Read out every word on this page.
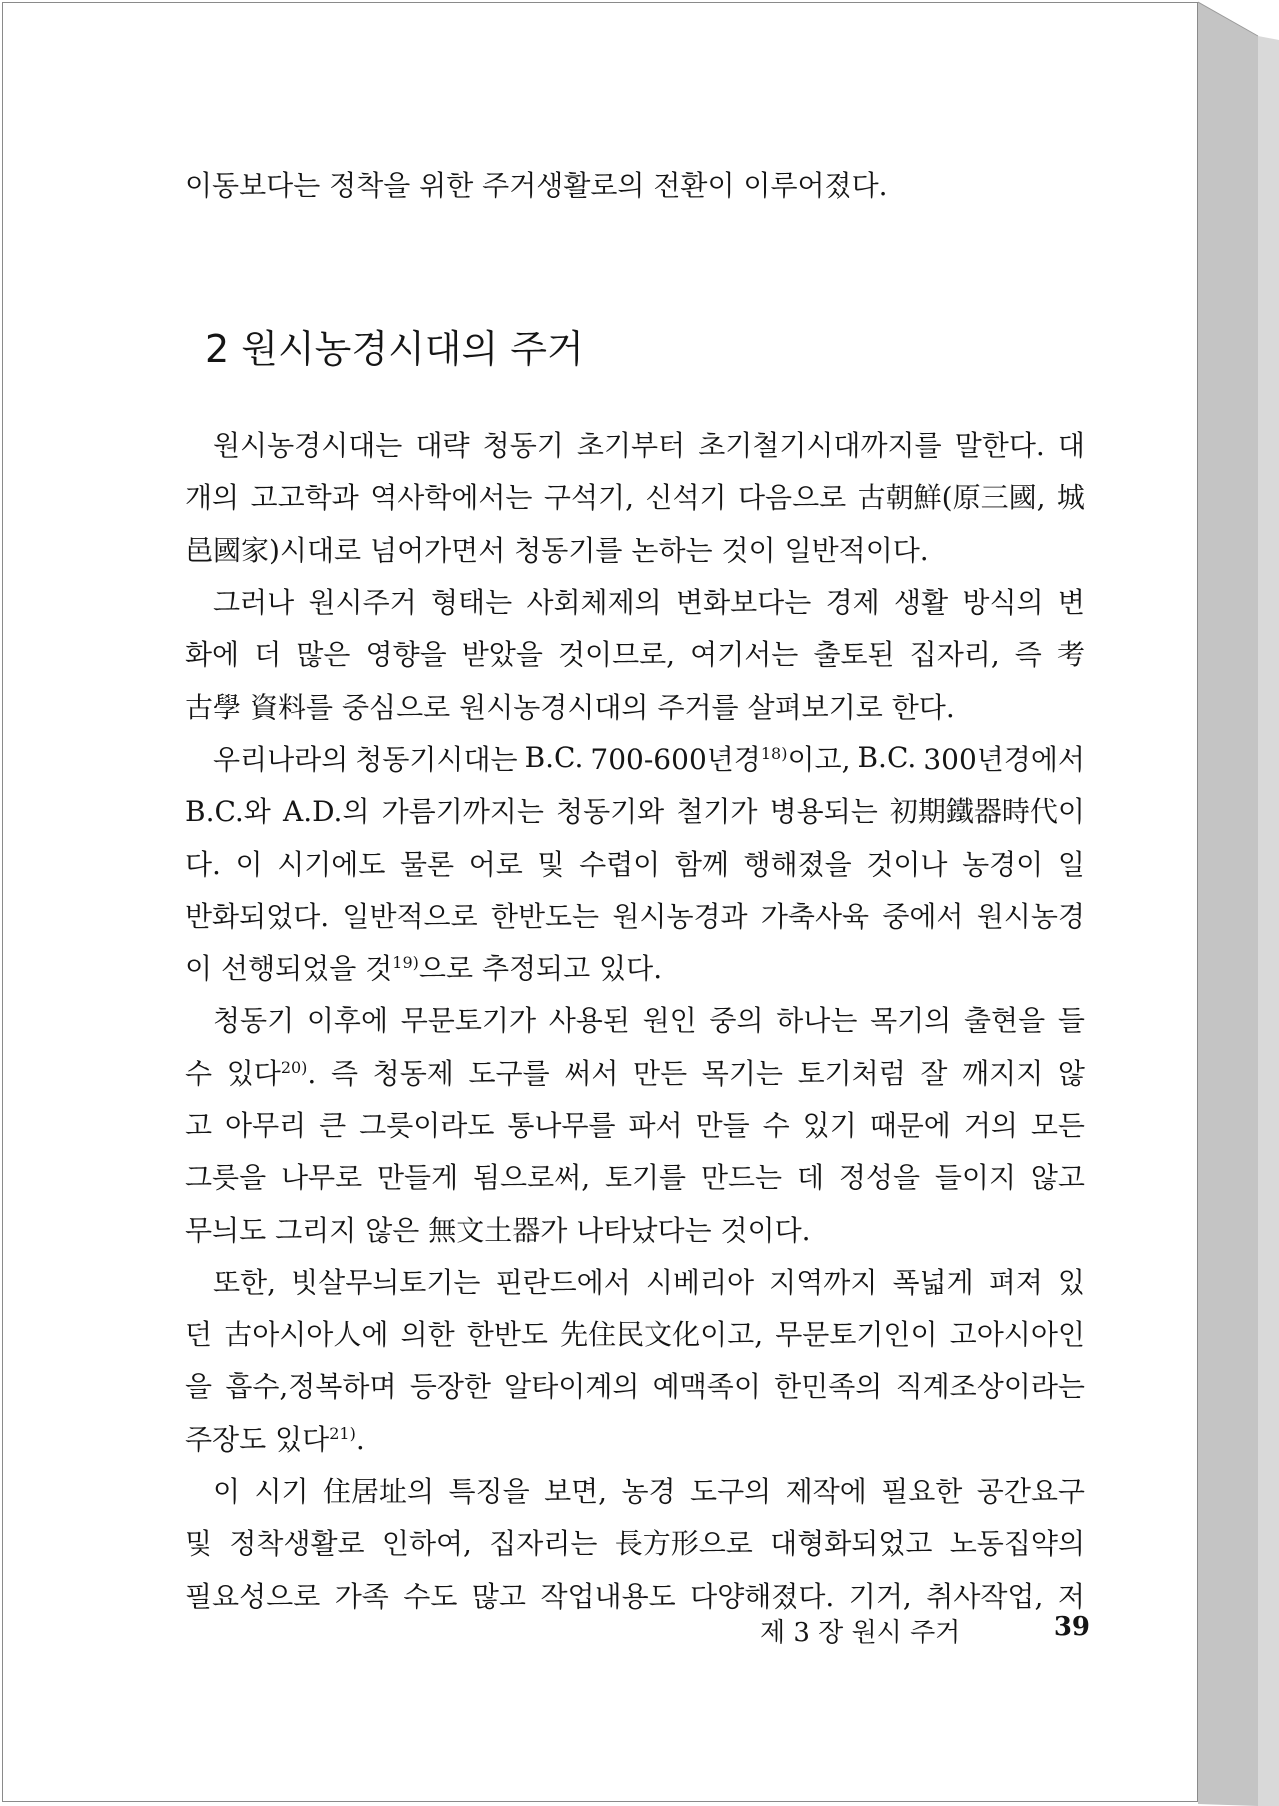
이동보다는 정착을 위한 주거생활로의 전환이 이루어졌다.
2 원시농경시대의 주거
원시농경시대는 대략 청동기 초기부터 초기철기시대까지를 말한다. 대
개의 고고학과 역사학에서는 구석기, 신석기 다음으로 古朝鮮(原三國, 城
邑國家)시대로 넘어가면서 청동기를 논하는 것이 일반적이다.
그러나 원시주거 형태는 사회체제의 변화보다는 경제 생활 방식의 변
화에 더 많은 영향을 받았을 것이므로, 여기서는 출토된 집자리, 즉 考
古學 資料를 중심으로 원시농경시대의 주거를 살펴보기로 한다.
우리나라의 청동기시대는 B.C. 700-600년경$^{18)}$이고, B.C. 300년경에서
B.C.와 A.D.의 가름기까지는 청동기와 철기가 병용되는 初期鐵器時代이
다. 이 시기에도 물론 어로 및 수렵이 함께 행해졌을 것이나 농경이 일
반화되었다. 일반적으로 한반도는 원시농경과 가축사육 중에서 원시농경
이 선행되었을 것$^{19)}$으로 추정되고 있다.
청동기 이후에 무문토기가 사용된 원인 중의 하나는 목기의 출현을 들
수 있다$^{20)}$. 즉 청동제 도구를 써서 만든 목기는 토기처럼 잘 깨지지 않
고 아무리 큰 그릇이라도 통나무를 파서 만들 수 있기 때문에 거의 모든
그릇을 나무로 만들게 됨으로써, 토기를 만드는 데 정성을 들이지 않고
무늬도 그리지 않은 無文土器가 나타났다는 것이다.
또한, 빗살무늬토기는 핀란드에서 시베리아 지역까지 폭넓게 펴져 있
던 古아시아人에 의한 한반도 先住民文化이고, 무문토기인이 고아시아인
을 흡수,정복하며 등장한 알타이계의 예맥족이 한민족의 직계조상이라는
주장도 있다$^{21)}$.
이 시기 住居址의 특징을 보면, 농경 도구의 제작에 필요한 공간요구
및 정착생활로 인하여, 집자리는 長方形으로 대형화되었고 노동집약의
필요성으로 가족 수도 많고 작업내용도 다양해졌다. 기거, 취사작업, 저
제 3 장 원시 주거	39
